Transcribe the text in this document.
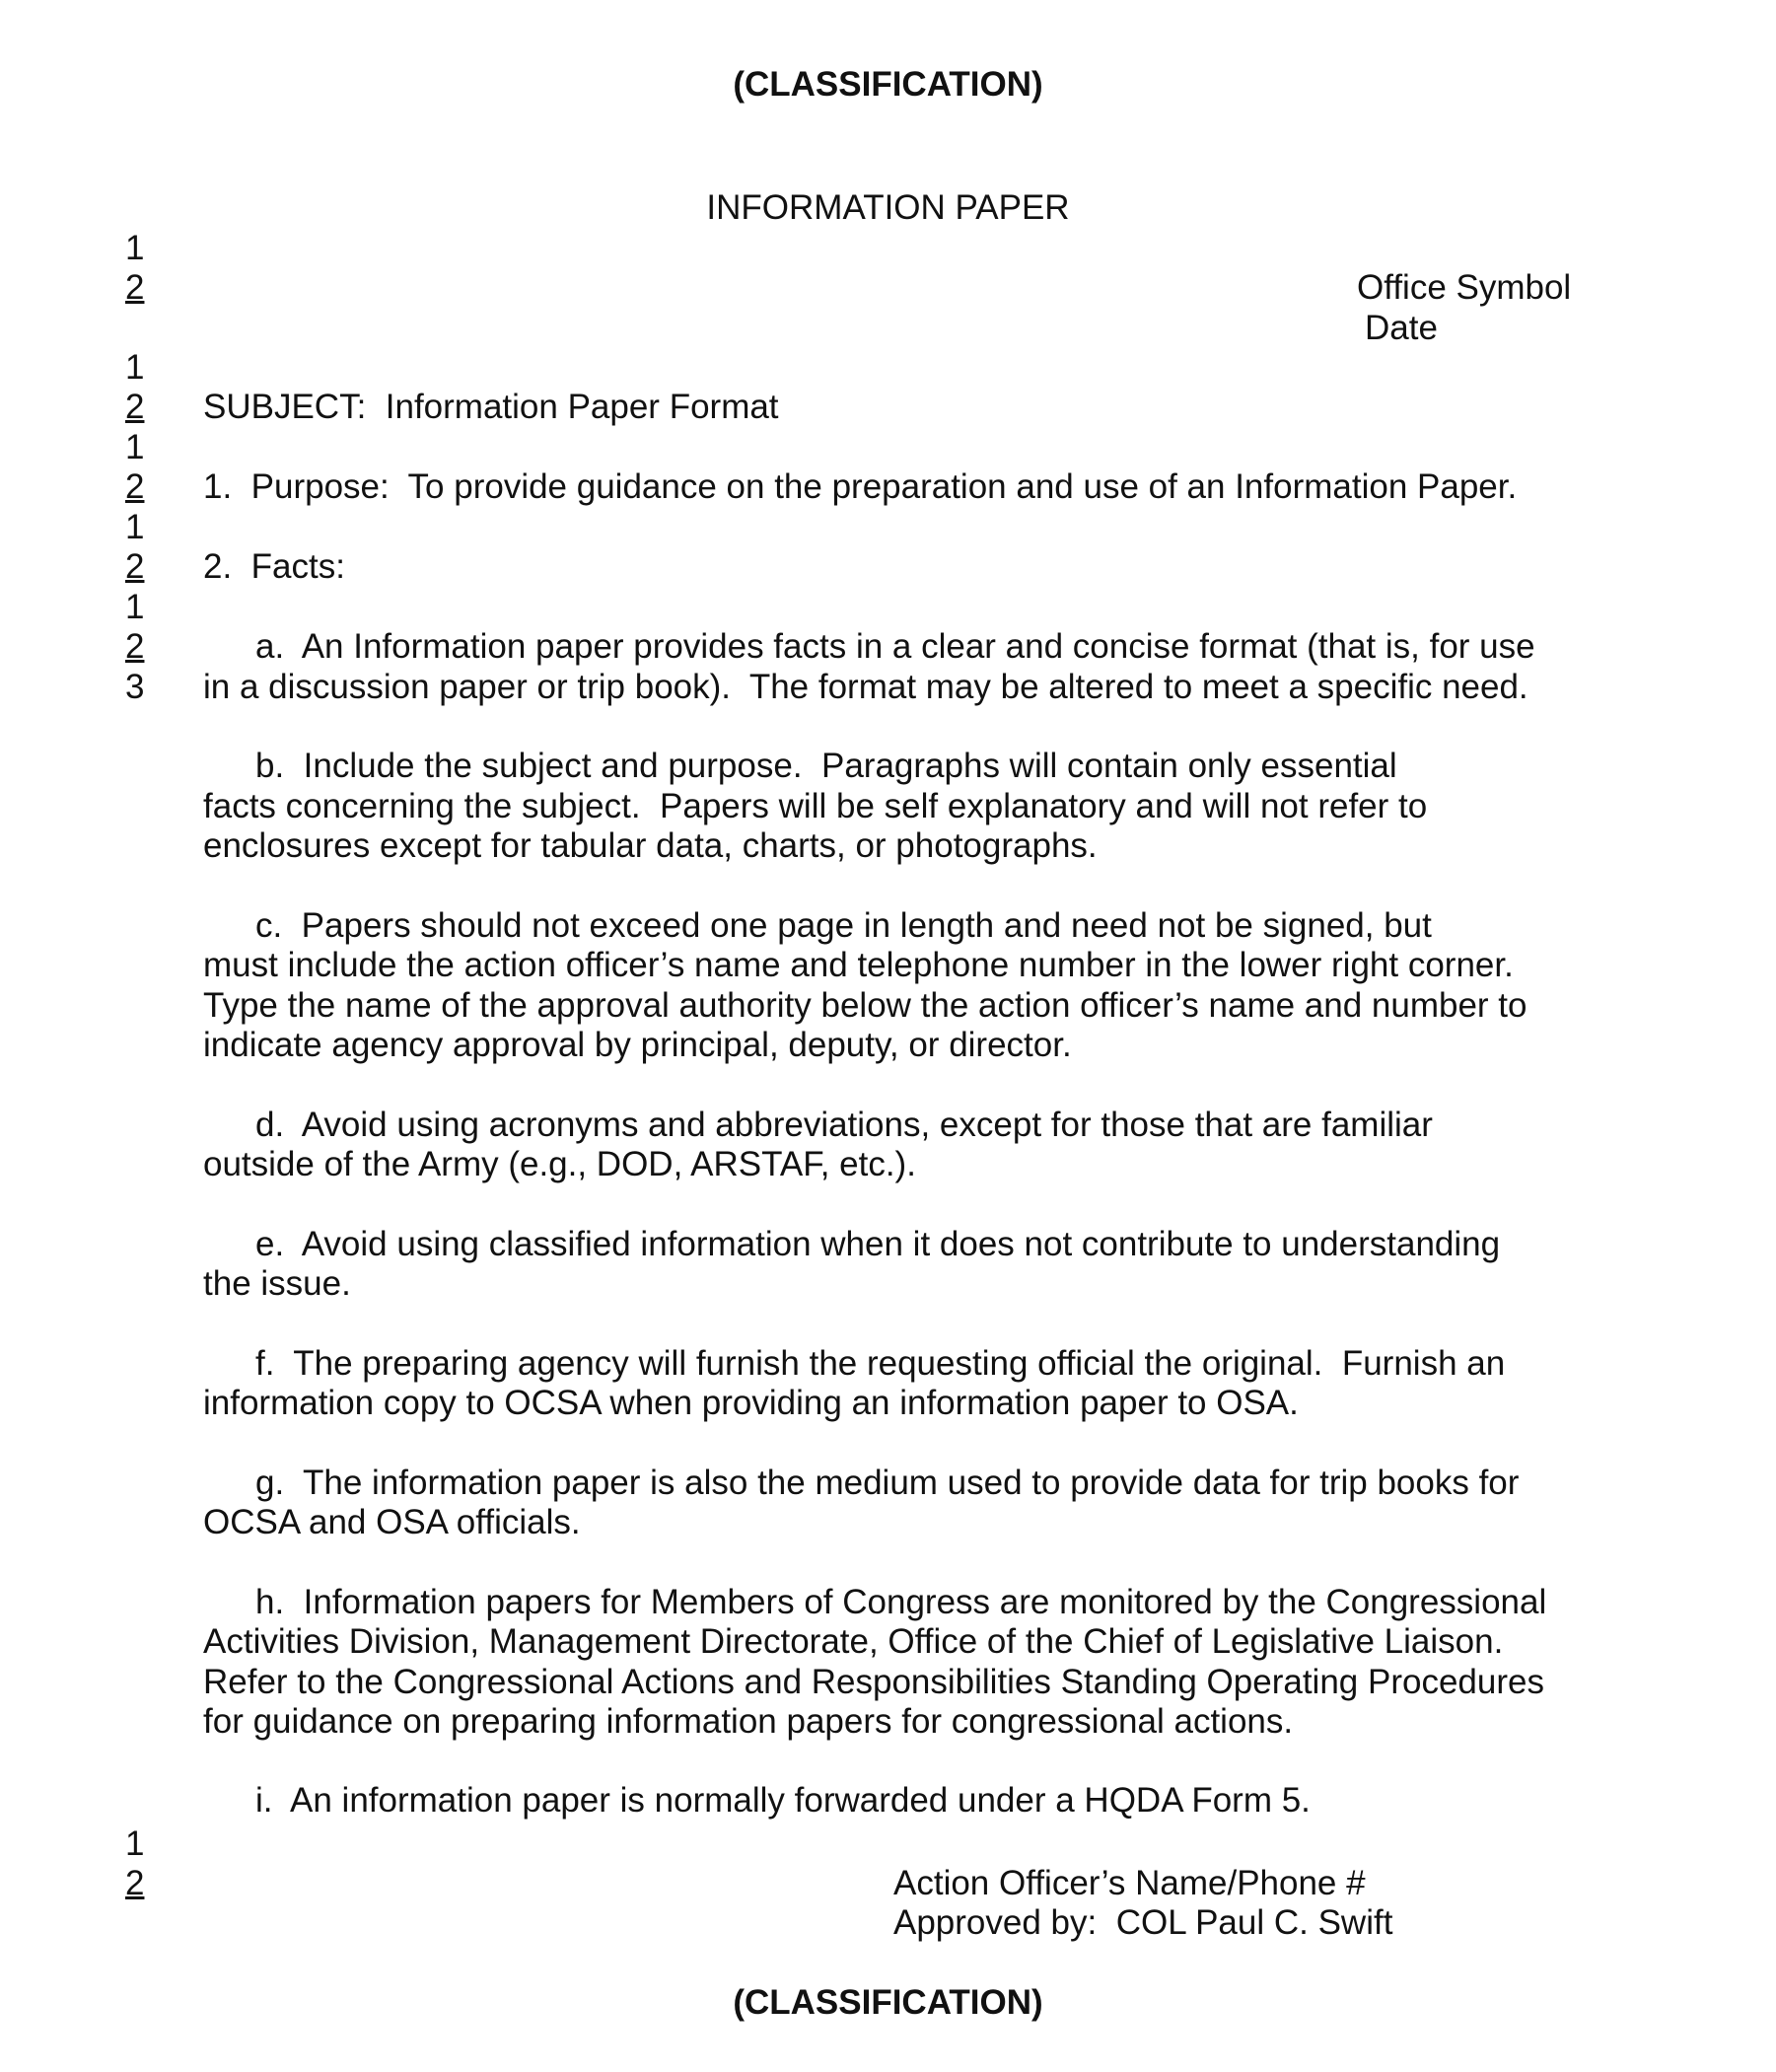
(CLASSIFICATION)
INFORMATION PAPER
Office Symbol
Date
1
2
1
2
1
2
1
2
1
2
3
1
2
SUBJECT:  Information Paper Format
1.  Purpose:  To provide guidance on the preparation and use of an Information Paper.
2.  Facts:
a.  An Information paper provides facts in a clear and concise format (that is, for use
in a discussion paper or trip book).  The format may be altered to meet a specific need.
b.  Include the subject and purpose.  Paragraphs will contain only essential
facts concerning the subject.  Papers will be self explanatory and will not refer to
enclosures except for tabular data, charts, or photographs.
c.  Papers should not exceed one page in length and need not be signed, but
must include the action officer’s name and telephone number in the lower right corner.
Type the name of the approval authority below the action officer’s name and number to
indicate agency approval by principal, deputy, or director.
d.  Avoid using acronyms and abbreviations, except for those that are familiar
outside of the Army (e.g., DOD, ARSTAF, etc.).
e.  Avoid using classified information when it does not contribute to understanding
the issue.
f.  The preparing agency will furnish the requesting official the original.  Furnish an
information copy to OCSA when providing an information paper to OSA.
g.  The information paper is also the medium used to provide data for trip books for
OCSA and OSA officials.
h.  Information papers for Members of Congress are monitored by the Congressional
Activities Division, Management Directorate, Office of the Chief of Legislative Liaison.
Refer to the Congressional Actions and Responsibilities Standing Operating Procedures
for guidance on preparing information papers for congressional actions.
i.  An information paper is normally forwarded under a HQDA Form 5.
Action Officer’s Name/Phone #
Approved by:  COL Paul C. Swift
(CLASSIFICATION)
